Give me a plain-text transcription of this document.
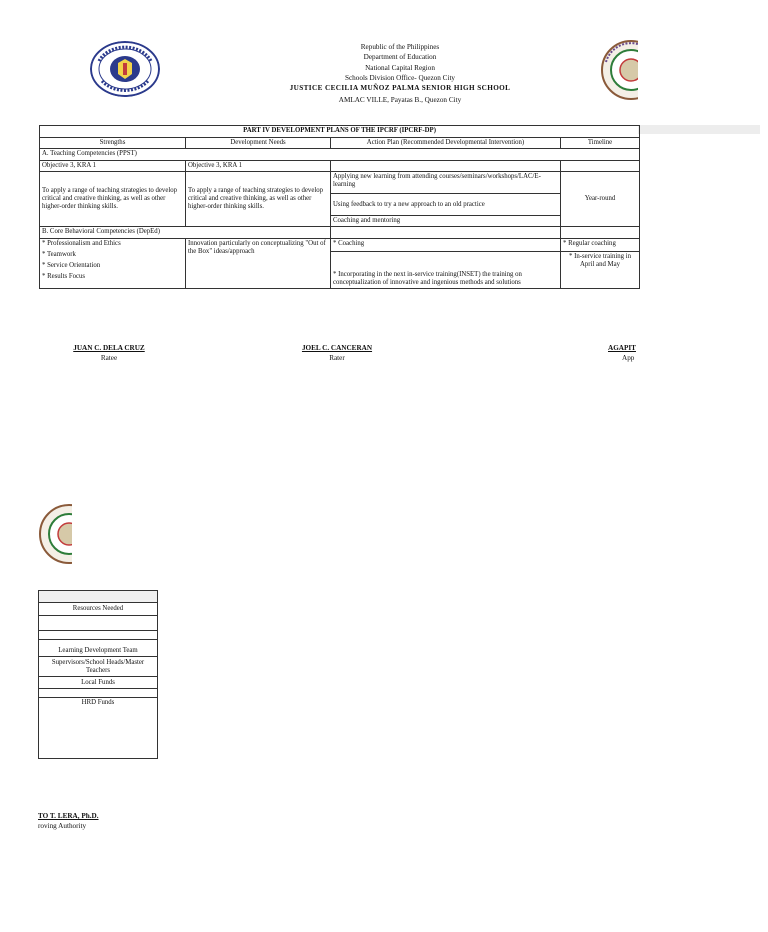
Republic of the Philippines
Department of Education
National Capital Region
Schools Division Office- Quezon City
JUSTICE CECILIA MUÑOZ PALMA SENIOR HIGH SCHOOL
AMLAC VILLE, Payatas B., Quezon City
PART IV DEVELOPMENT PLANS OF THE IPCRF (IPCRF-DP)			
Strengths	Development Needs	Action Plan (Recommended Developmental Intervention)	Timeline
A. Teaching Competencies (PPST)			
Objective 3, KRA 1	Objective 3, KRA 1		
To apply a range of teaching strategies to develop critical and creative thinking, as well as other higher-order thinking skills.	To apply a range of teaching strategies to develop critical and creative thinking, as well as other higher-order thinking skills.	Applying new learning from attending courses/seminars/workshops/LAC/E-learning	Year-round
		Using feedback to try a new approach to an old practice	
		Coaching and mentoring	
B. Core Behavioral Competencies (DepEd)			

* Professionalism and Ethics
* Teamwork
* Service Orientation
* Results Focus	Innovation particularly on conceptualizing "Out of the Box" ideas/approach	* Coaching	* Regular coaching
		* Incorporating in the next in-service training(INSET) the training on conceptualization of innovative and ingenious methods and solutions	* In-service training in April and May
JUAN C. DELA CRUZ
Ratee
JOEL C. CANCERAN
Rater
AGAPIT
App

Resources Needed

Learning Development Team
Supervisors/School Heads/Master Teachers
Local Funds

HRD Funds
TO T. LERA, Ph.D.
roving Authority
